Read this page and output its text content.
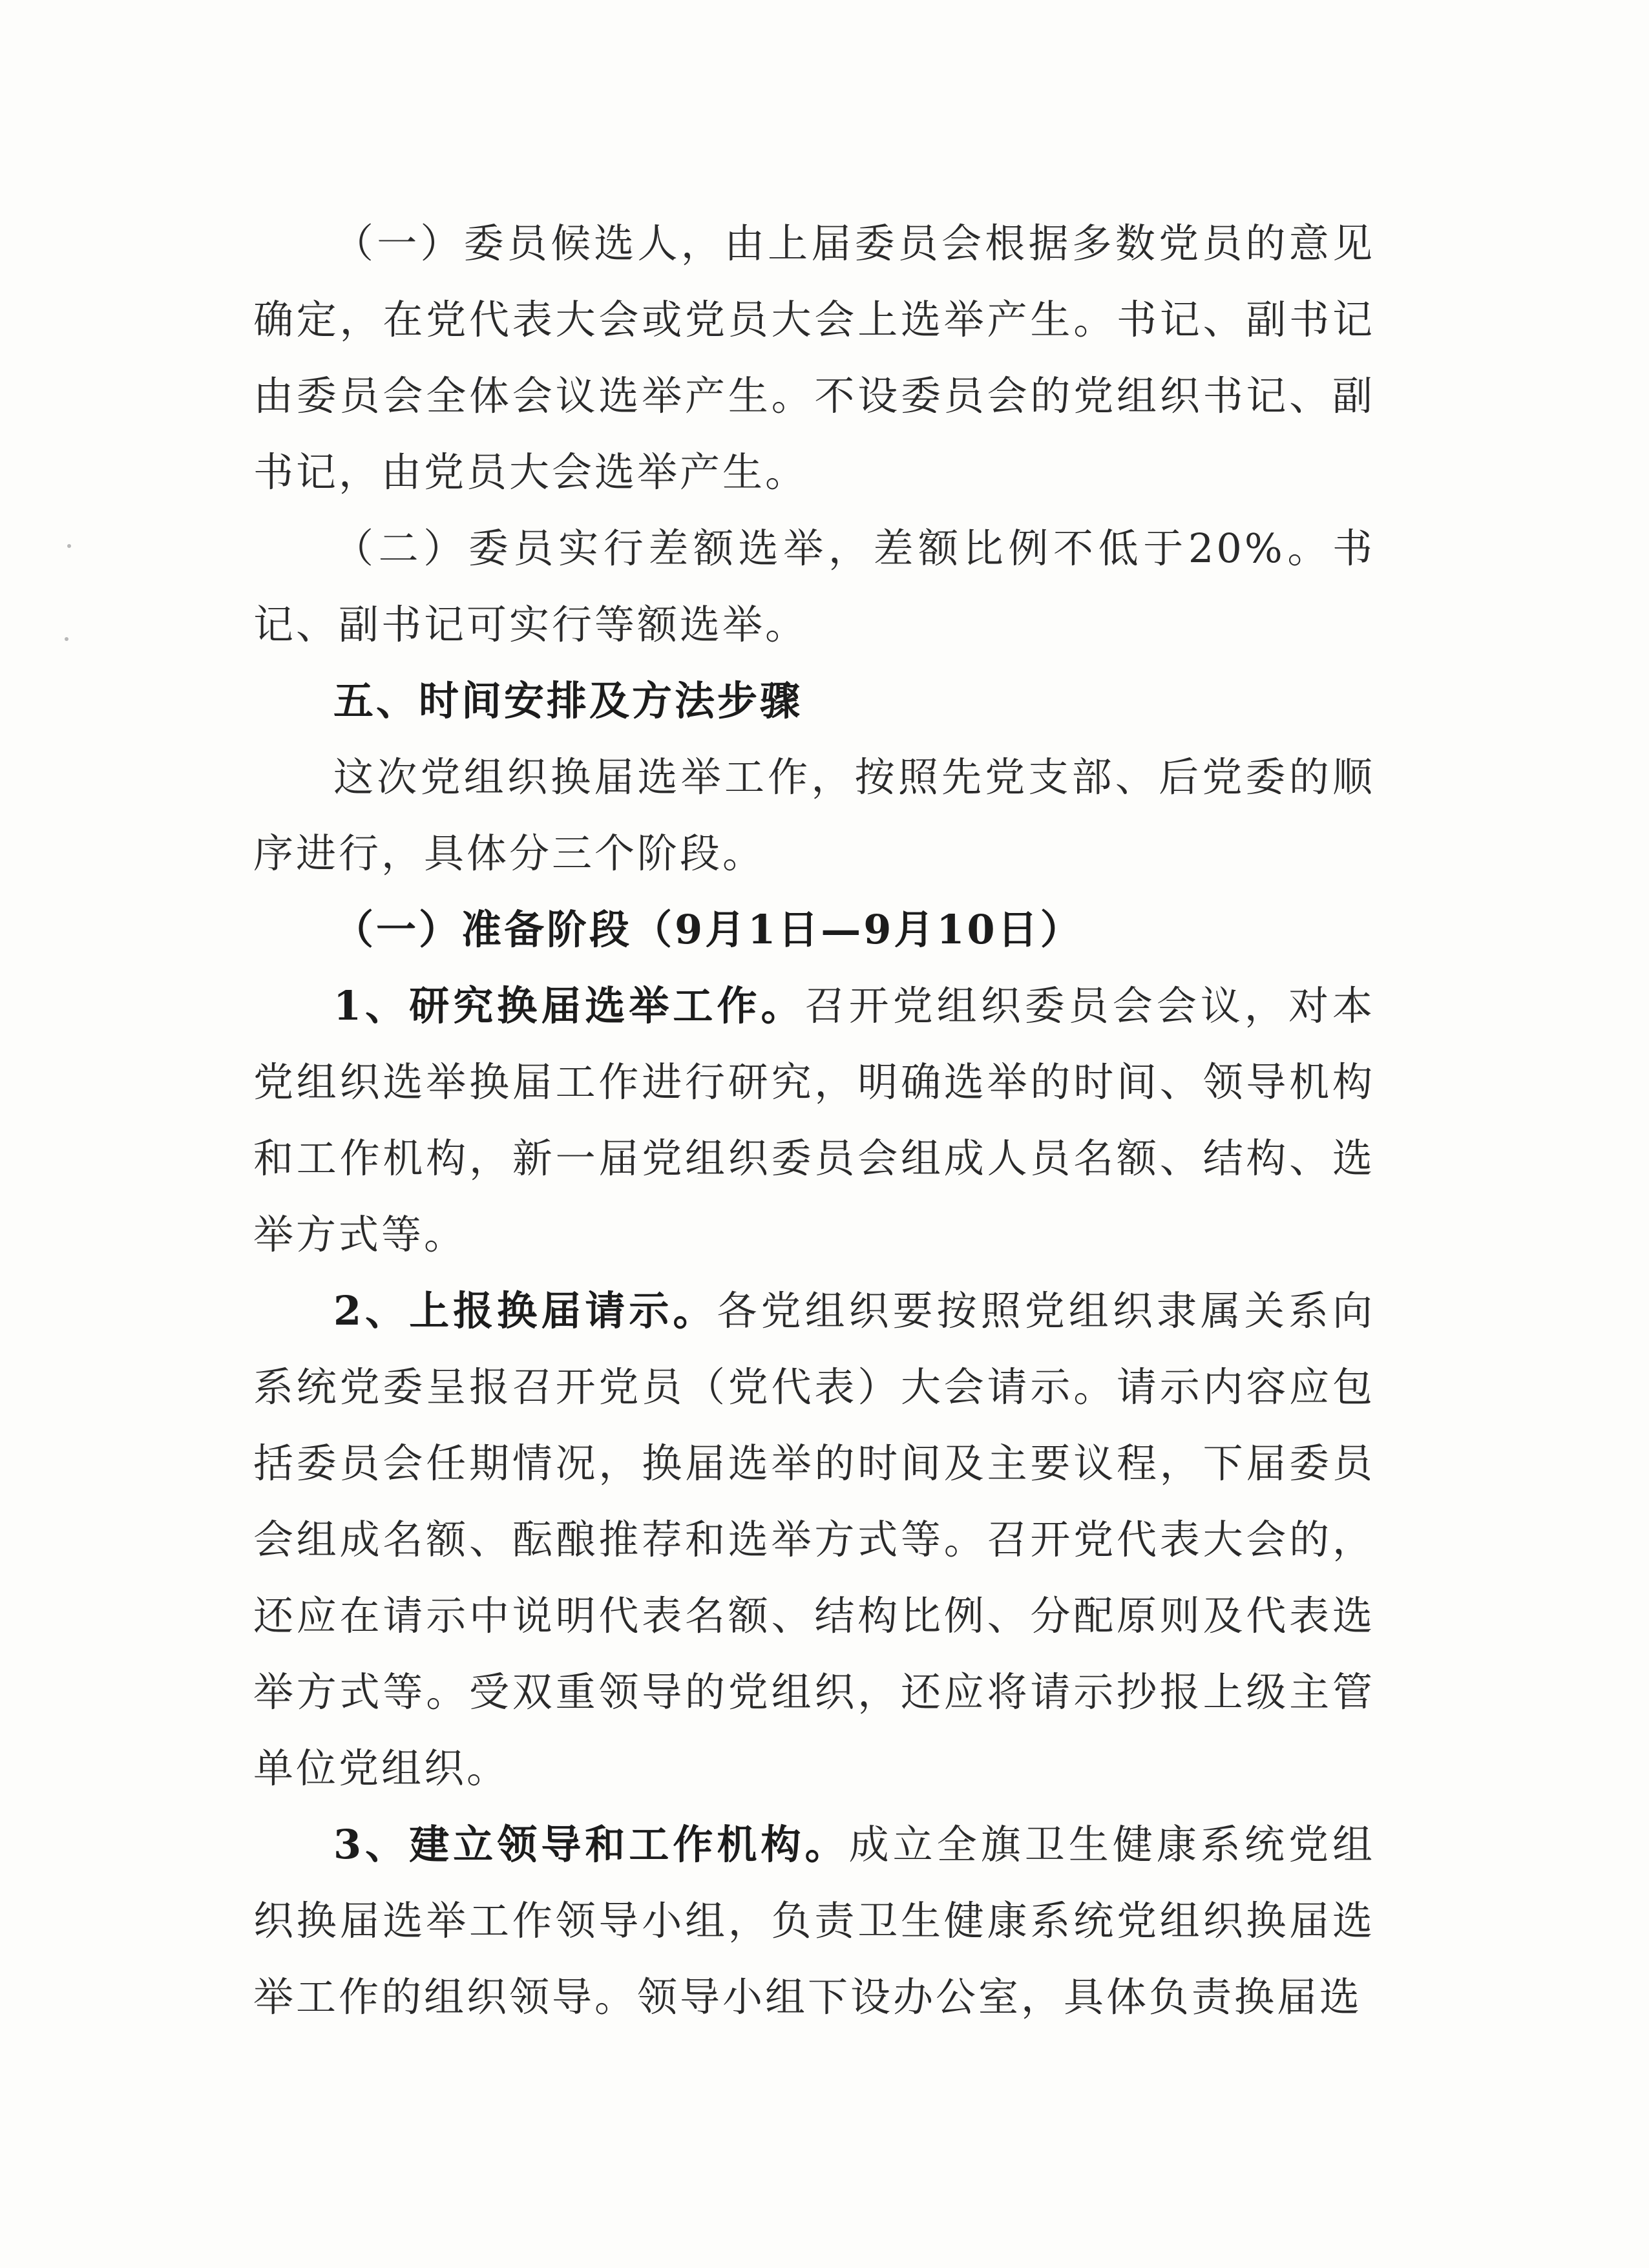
（一）委员候选人，由上届委员会根据多数党员的意见确定，在党代表大会或党员大会上选举产生。书记、副书记由委员会全体会议选举产生。不设委员会的党组织书记、副书记，由党员大会选举产生。

（二）委员实行差额选举，差额比例不低于20%。书记、副书记可实行等额选举。

五、时间安排及方法步骤

这次党组织换届选举工作，按照先党支部、后党委的顺序进行，具体分三个阶段。

（一）准备阶段（9月1日—9月10日）

1、研究换届选举工作。召开党组织委员会会议，对本党组织选举换届工作进行研究，明确选举的时间、领导机构和工作机构，新一届党组织委员会组成人员名额、结构、选举方式等。

2、上报换届请示。各党组织要按照党组织隶属关系向系统党委呈报召开党员（党代表）大会请示。请示内容应包括委员会任期情况，换届选举的时间及主要议程，下届委员会组成名额、酝酿推荐和选举方式等。召开党代表大会的，还应在请示中说明代表名额、结构比例、分配原则及代表选举方式等。受双重领导的党组织，还应将请示抄报上级主管单位党组织。

3、建立领导和工作机构。成立全旗卫生健康系统党组织换届选举工作领导小组，负责卫生健康系统党组织换届选举工作的组织领导。领导小组下设办公室，具体负责换届选
